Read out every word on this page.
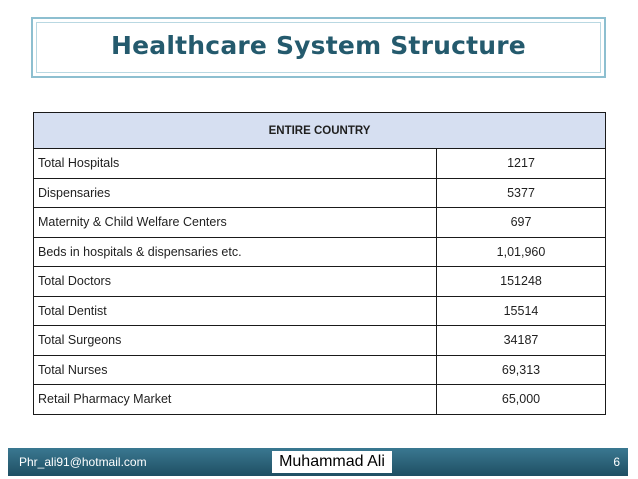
Healthcare System Structure
ENTIRE COUNTRY	
Total Hospitals	1217
Dispensaries	5377
Maternity & Child Welfare Centers	697
Beds in hospitals & dispensaries etc.	1,01,960
Total Doctors	151248
Total Dentist	15514
Total Surgeons	34187
Total Nurses	69,313
Retail Pharmacy Market	65,000
Phr_ali91@hotmail.com	Muhammad Ali	6
